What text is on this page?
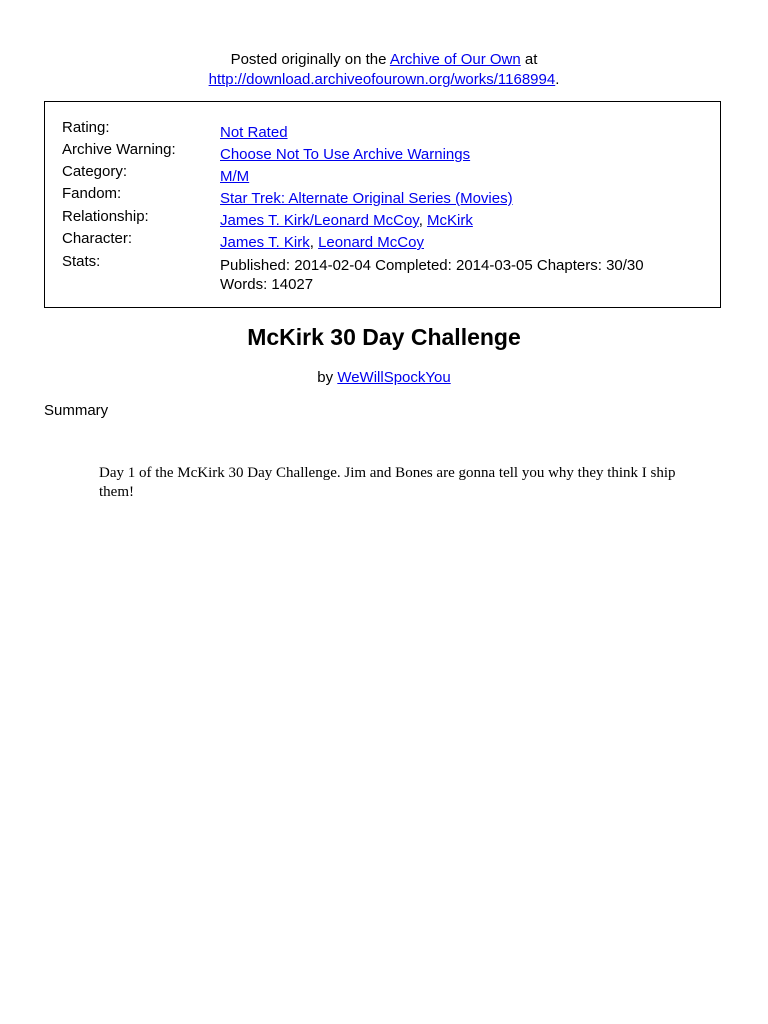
Posted originally on the Archive of Our Own at
http://download.archiveofourown.org/works/1168994.
Rating:	Not Rated
Archive Warning:	Choose Not To Use Archive Warnings
Category:	M/M
Fandom:	Star Trek: Alternate Original Series (Movies)
Relationship:	James T. Kirk/Leonard McCoy, McKirk
Character:	James T. Kirk, Leonard McCoy
Stats:	Published: 2014-02-04 Completed: 2014-03-05 Chapters: 30/30
Words: 14027
McKirk 30 Day Challenge
by WeWillSpockYou
Summary
Day 1 of the McKirk 30 Day Challenge. Jim and Bones are gonna tell you why they think I ship them!
